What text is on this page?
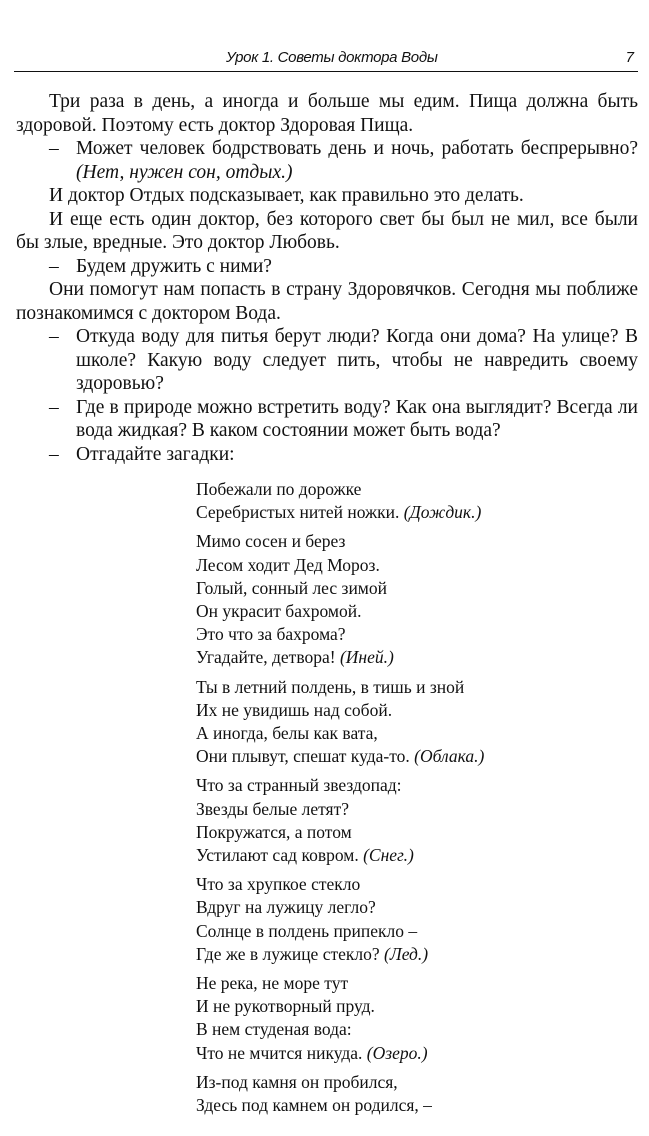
Урок 1. Советы доктора Воды	7

Три раза в день, а иногда и больше мы едим. Пища должна быть здоровой. Поэтому есть доктор Здоровая Пища.

– Может человек бодрствовать день и ночь, работать беспрерывно? (Нет, нужен сон, отдых.)

И доктор Отдых подсказывает, как правильно это делать.

И еще есть один доктор, без которого свет бы был не мил, все были бы злые, вредные. Это доктор Любовь.

– Будем дружить с ними?

Они помогут нам попасть в страну Здоровячков. Сегодня мы поближе познакомимся с доктором Вода.

– Откуда воду для питья берут люди? Когда они дома? На улице? В школе? Какую воду следует пить, чтобы не навредить своему здоровью?

– Где в природе можно встретить воду? Как она выглядит? Всегда ли вода жидкая? В каком состоянии может быть вода?

– Отгадайте загадки:

Побежали по дорожке
Серебристых нитей ножки. (Дождик.)
Мимо сосен и берез
Лесом ходит Дед Мороз.
Голый, сонный лес зимой
Он украсит бахромой.
Это что за бахрома?
Угадайте, детвора! (Иней.)
Ты в летний полдень, в тишь и зной
Их не увидишь над собой.
А иногда, белы как вата,
Они плывут, спешат куда-то. (Облака.)
Что за странный звездопад:
Звезды белые летят?
Покружатся, а потом
Устилают сад ковром. (Снег.)
Что за хрупкое стекло
Вдруг на лужицу легло?
Солнце в полдень припекло –
Где же в лужице стекло? (Лед.)
Не река, не море тут
И не рукотворный пруд.
В нем студеная вода:
Что не мчится никуда. (Озеро.)
Из-под камня он пробился,
Здесь под камнем он родился, –
